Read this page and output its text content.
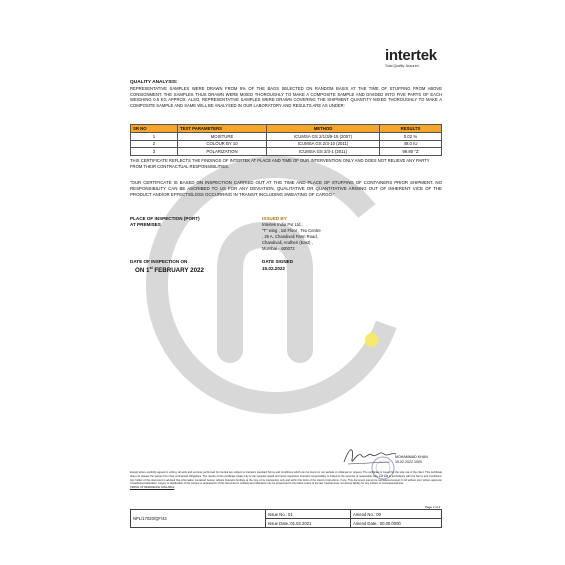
intertek
Total Quality. Assured.
QUALITY ANALYSIS:
REPRESENTATIVE SAMPLES WERE DRAWN FROM 5% OF THE BAGS SELECTED ON RANDOM BASIS AT THE TIME OF STUFFING FROM ABOVE CONSIGNMENT. THE SAMPLES THUS DRAWN WERE MIXED THOROUGHLY TO MAKE A COMPOSITE SAMPLE AND DIVIDED INTO FIVE PARTS OF EACH WEIGHING 0.5 KG APPROX. ALSO, REPRESENTATIVE SAMPLES WERE DRAWN COVERING THE SHIPMENT QUANTITY MIXED THOROUGHLY TO MAKE A COMPOSITE SAMPLE AND SAME WILL BE ANALYSED IN OUR LABORATORY AND RESULTS ARE AS UNDER:
SR NO	TEST PARAMETERS	METHOD	RESULTS
1	MOISTURE	ICUMSA GS 2/1/3/9-15 (2007)	0.02 %
2	COLOUR BY 10	ICUMSA GS 2/3-10 (2011)	48.0 IU
3	POLARIZATION	ICUMSA GS 2/3-1 (2011)	99.80 °Z
THIS CERTIFICATE REFLECTS THE FINDINGS OF INTERTEK AT PLACE AND TIME OF OUR INTERVENTION ONLY AND DOES NOT RELIEVE ANY PARTY FROM THEIR CONTRACTUAL RESPONSIBILITIES.
"OUR CERTIFICATE IS BASED ON INSPECTION CARRIED OUT AT THE TIME AND PLACE OF STUFFING OF CONTAINERS PRIOR SHIPMENT. NO RESPONSIBILITY CAN BE ASCRIBED TO US FOR ANY DEVIATION, QUALITATIVE OR QUANTITATIVE ARISING OUT OF INHERENT VICE OF THE PRODUCT AND/OR EFFECTS/LOSS OCCURRING IN TRANSIT INCLUDING SWEATING OF CARGO."
PLACE OF INSPECTION (PORT)
AT PREMISES
DATE OF INSPECTION ON
ON 1st FEBRUARY 2022
ISSUED BY
Intertek India Pvt Ltd.,
"T" wing , 1st Floor , Tex Centre
, 26 A, Chandivali Farm Road,
Chandivali, Andheri (East) ,
Mumbai - 400072
DATE SIGNED
15.02.2022
MOHAMMAD KHAN
15.02.2022 1000
Except where explicitly agreed in writing, all work and services performed by Intertek are subject to Intertek's standard Terms and Conditions which can be found on our website or obtained on request. The certificate is issued for the sole use of the client. This certificate does not release the parties from their contractual obligations. The results of this certificate relate only to the samples tested and items inspected. Intertek's responsibility is limited to the exercise of reasonable care and skill in accordance with the Terms and Conditions. Any holder of this document is advised that information contained hereon reflects Intertek's findings at the time of its intervention only and within the limits of the client's instructions, if any. This document cannot be reproduced except in full without prior written approval. Unauthorised alteration, forgery or falsification of the content or appearance of this document is unlawful and offenders may be prosecuted to the fullest extent of the law. Intertek does not accept liability for any indirect or consequential loss.
TERMS OF REFERENCE AVAILABLE
Page 2 of 2
NPL/17020/QF/43	Issue No.: 01	Amend No.: 00
	Issue Date.:01.02.2021	Amend Date.: 00.00.0000
